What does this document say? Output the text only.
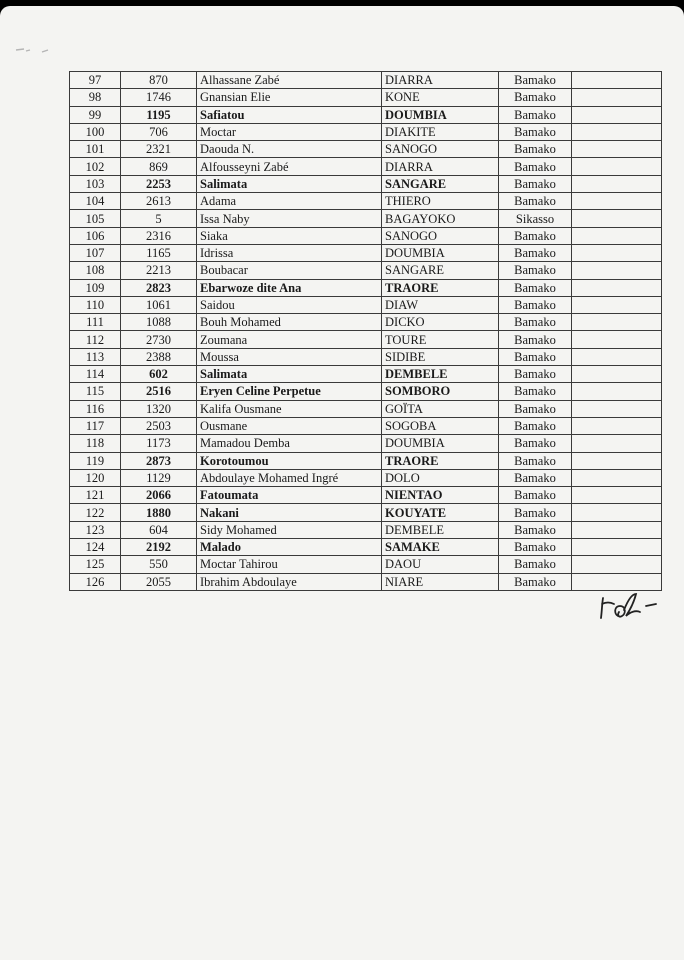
97	870	Alhassane Zabé	DIARRA	Bamako	
98	1746	Gnansian Elie	KONE	Bamako	
99	1195	Safiatou	DOUMBIA	Bamako	
100	706	Moctar	DIAKITE	Bamako	
101	2321	Daouda N.	SANOGO	Bamako	
102	869	Alfousseyni Zabé	DIARRA	Bamako	
103	2253	Salimata	SANGARE	Bamako	
104	2613	Adama	THIERO	Bamako	
105	5	Issa Naby	BAGAYOKO	Sikasso	
106	2316	Siaka	SANOGO	Bamako	
107	1165	Idrissa	DOUMBIA	Bamako	
108	2213	Boubacar	SANGARE	Bamako	
109	2823	Ebarwoze dite Ana	TRAORE	Bamako	
110	1061	Saidou	DIAW	Bamako	
111	1088	Bouh Mohamed	DICKO	Bamako	
112	2730	Zoumana	TOURE	Bamako	
113	2388	Moussa	SIDIBE	Bamako	
114	602	Salimata	DEMBELE	Bamako	
115	2516	Eryen Celine Perpetue	SOMBORO	Bamako	
116	1320	Kalifa Ousmane	GOÏTA	Bamako	
117	2503	Ousmane	SOGOBA	Bamako	
118	1173	Mamadou Demba	DOUMBIA	Bamako	
119	2873	Korotoumou	TRAORE	Bamako	
120	1129	Abdoulaye Mohamed Ingré	DOLO	Bamako	
121	2066	Fatoumata	NIENTAO	Bamako	
122	1880	Nakani	KOUYATE	Bamako	
123	604	Sidy Mohamed	DEMBELE	Bamako	
124	2192	Malado	SAMAKE	Bamako	
125	550	Moctar Tahirou	DAOU	Bamako	
126	2055	Ibrahim Abdoulaye	NIARE	Bamako	
